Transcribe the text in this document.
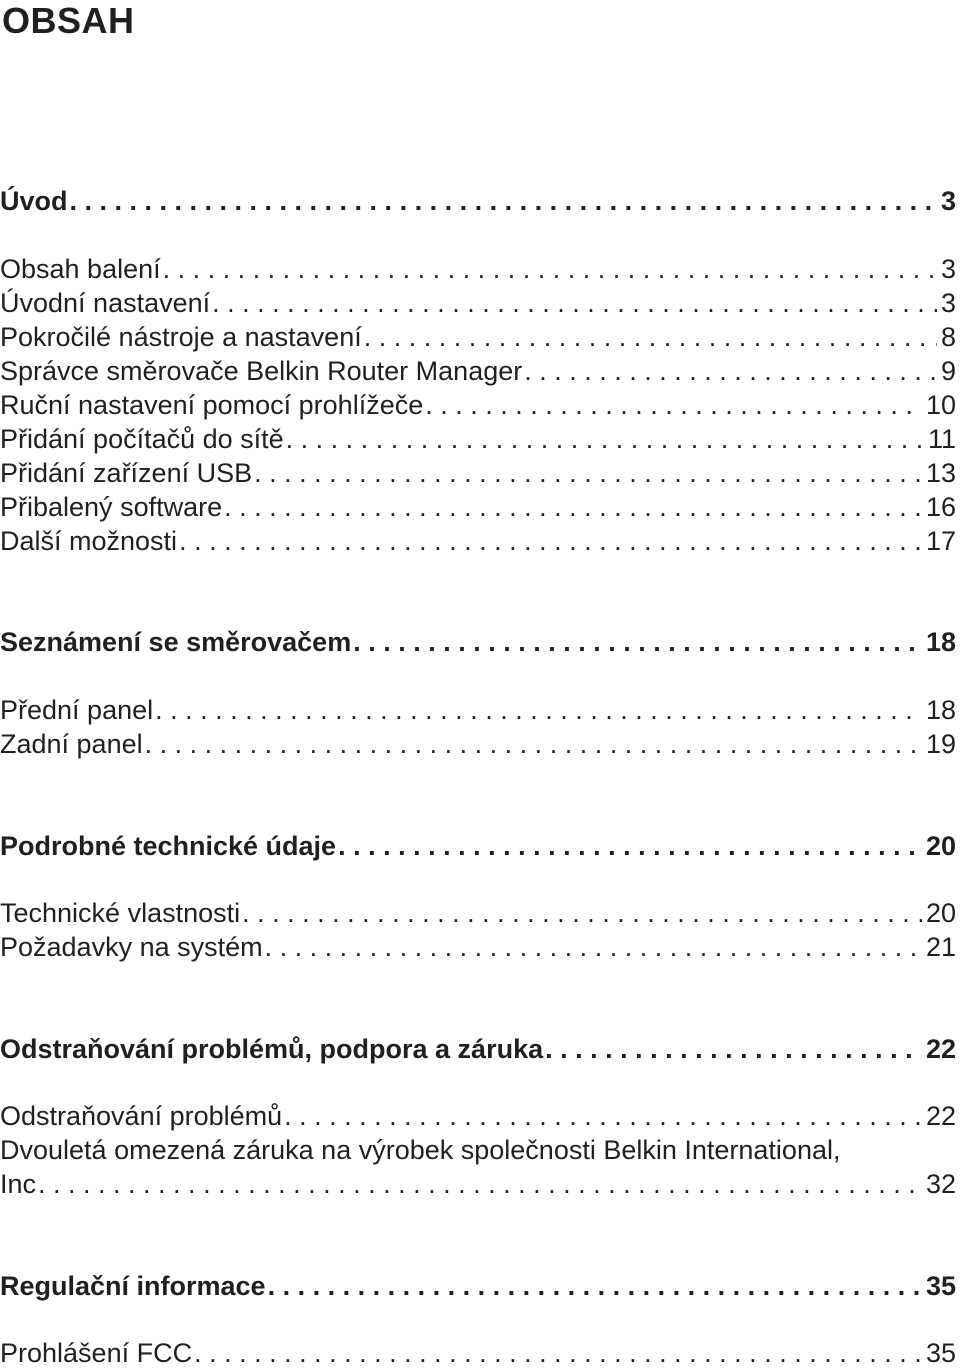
OBSAH
Úvod . . .	3
Obsah balení . . .	3
Úvodní nastavení . . .	3
Pokročilé nástroje a nastavení . . .	8
Správce směrovače Belkin Router Manager . . .	9
Ruční nastavení pomocí prohlížeče . . .	10
Přidání počítačů do sítě . . .	11
Přidání zařízení USB . . .	13
Přibalený software . . .	16
Další možnosti . . .	17
Seznámení se směrovačem . . .	18
Přední panel . . .	18
Zadní panel . . .	19
Podrobné technické údaje . . .	20
Technické vlastnosti . . .	20
Požadavky na systém . . .	21
Odstraňování problémů, podpora a záruka . . .	22
Odstraňování problémů . . .	22
Dvouletá omezená záruka na výrobek společnosti Belkin International,
Inc . . .	32
Regulační informace . . .	35
Prohlášení FCC . . .	35
